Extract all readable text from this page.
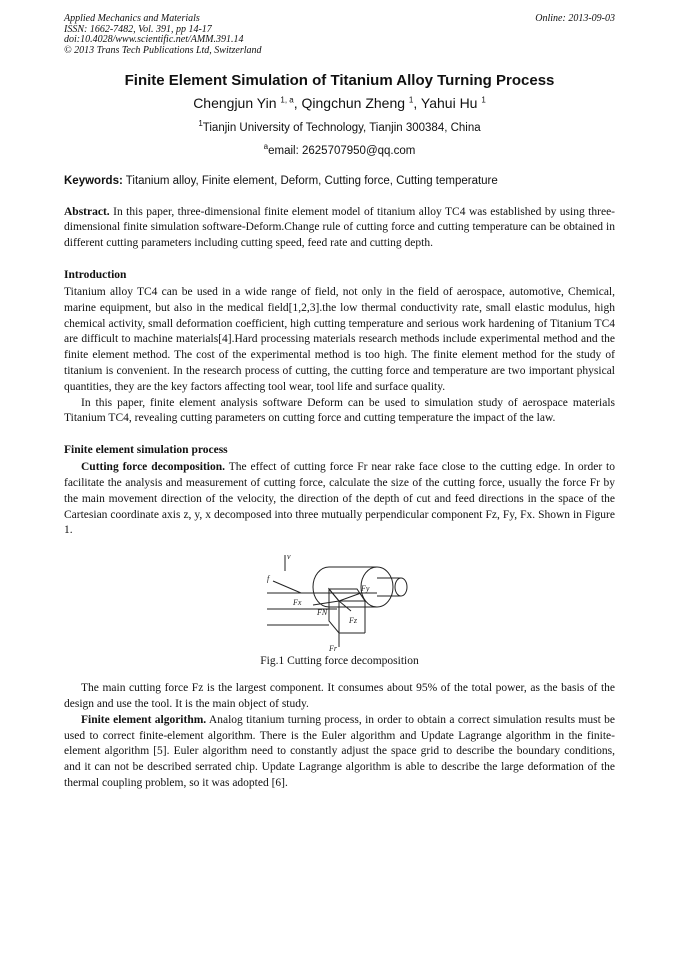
Applied Mechanics and Materials
ISSN: 1662-7482, Vol. 391, pp 14-17
doi:10.4028/www.scientific.net/AMM.391.14
© 2013 Trans Tech Publications Ltd, Switzerland
Online: 2013-09-03
Finite Element Simulation of Titanium Alloy Turning Process
Chengjun Yin $^{1, a}$, Qingchun Zheng $^1$, Yahui Hu $^1$
$^1$Tianjin University of Technology, Tianjin 300384, China
$^a$email: 2625707950@qq.com
Keywords: Titanium alloy, Finite element, Deform, Cutting force, Cutting temperature

Abstract. In this paper, three-dimensional finite element model of titanium alloy TC4 was established by using three-dimensional finite simulation software-Deform.Change rule of cutting force and cutting temperature can be obtained in different cutting parameters including cutting speed, feed rate and cutting depth.

Introduction

Titanium alloy TC4 can be used in a wide range of field, not only in the field of aerospace, automotive, Chemical, marine equipment, but also in the medical field[1,2,3].the low thermal conductivity rate, small elastic modulus, high chemical activity, small deformation coefficient, high cutting temperature and serious work hardening of Titanium TC4 are difficult to machine materials[4].Hard processing materials research methods include experimental method and the finite element method. The cost of the experimental method is too high. The finite element method for the study of titanium is convenient. In the research process of cutting, the cutting force and temperature are two important physical quantities, they are the key factors affecting tool wear, tool life and surface quality.

In this paper, finite element analysis software Deform can be used to simulation study of aerospace materials Titanium TC4, revealing cutting parameters on cutting force and cutting temperature the impact of the law.

Finite element simulation process

Cutting force decomposition. The effect of cutting force Fr near rake face close to the cutting edge. In order to facilitate the analysis and measurement of cutting force, calculate the size of the cutting force, usually the force Fr by the main movement direction of the velocity, the direction of the depth of cut and feed directions in the space of the Cartesian coordinate axis z, y, x decomposed into three mutually perpendicular component Fz, Fy, Fx. Shown in Figure 1.

v
f
Fx
Fy
FN
Fz
Fr
Fig.1 Cutting force decomposition

The main cutting force Fz is the largest component. It consumes about 95% of the total power, as the basis of the design and use the tool. It is the main object of study.

Finite element algorithm. Analog titanium turning process, in order to obtain a correct simulation results must be used to correct finite-element algorithm. There is the Euler algorithm and Update Lagrange algorithm in the finite-element algorithm [5]. Euler algorithm need to constantly adjust the space grid to describe the boundary conditions, and it can not be described serrated chip. Update Lagrange algorithm is able to describe the large deformation of the thermal coupling problem, so it was adopted [6].
